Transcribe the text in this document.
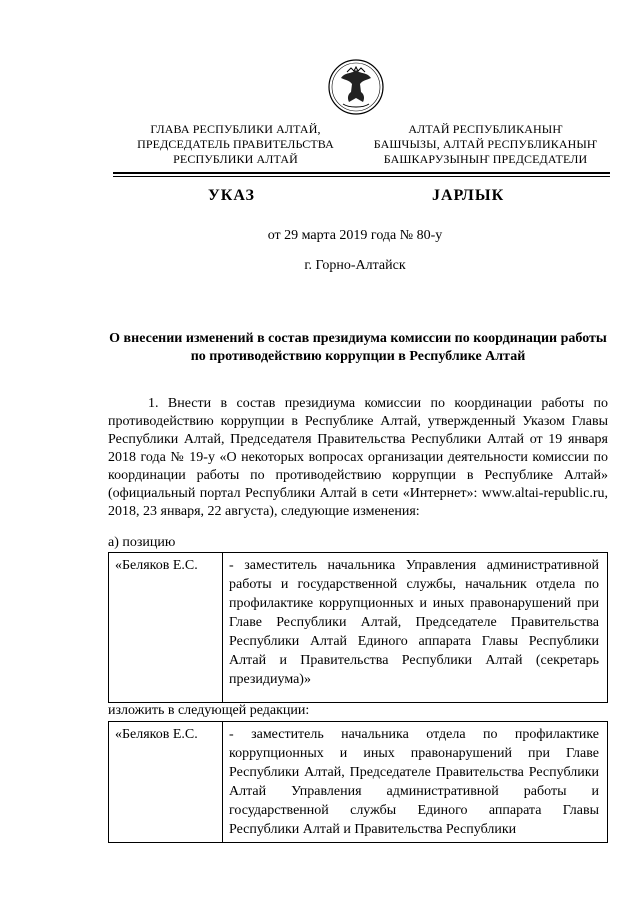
ГЛАВА РЕСПУБЛИКИ АЛТАЙ,
ПРЕДСЕДАТЕЛЬ ПРАВИТЕЛЬСТВА
РЕСПУБЛИКИ АЛТАЙ
АЛТАЙ РЕСПУБЛИКАНЫҤ
БАШЧЫЗЫ, АЛТАЙ РЕСПУБЛИКАНЫҤ
БАШКАРУЗЫНЫҤ ПРЕДСЕДАТЕЛИ
УКАЗ	JАРЛЫК
от 29 марта 2019 года № 80-у
г. Горно-Алтайск
О внесении изменений в состав президиума комиссии по координации работы по противодействию коррупции в Республике Алтай
1. Внести в состав президиума комиссии по координации работы по противодействию коррупции в Республике Алтай, утвержденный Указом Главы Республики Алтай, Председателя Правительства Республики Алтай от 19 января 2018 года № 19-у «О некоторых вопросах организации деятельности комиссии по координации работы по противодействию коррупции в Республике Алтай» (официальный портал Республики Алтай в сети «Интернет»: www.altai-republic.ru, 2018, 23 января, 22 августа), следующие изменения:
а) позицию
«Беляков Е.С. - заместитель начальника Управления административной работы и государственной службы, начальник отдела по профилактике коррупционных и иных правонарушений при Главе Республики Алтай, Председателе Правительства Республики Алтай Единого аппарата Главы Республики Алтай и Правительства Республики Алтай (секретарь президиума)»
изложить в следующей редакции:
«Беляков Е.С. - заместитель начальника отдела по профилактике коррупционных и иных правонарушений при Главе Республики Алтай, Председателе Правительства Республики Алтай Управления административной работы и государственной службы Единого аппарата Главы Республики Алтай и Правительства Республики
